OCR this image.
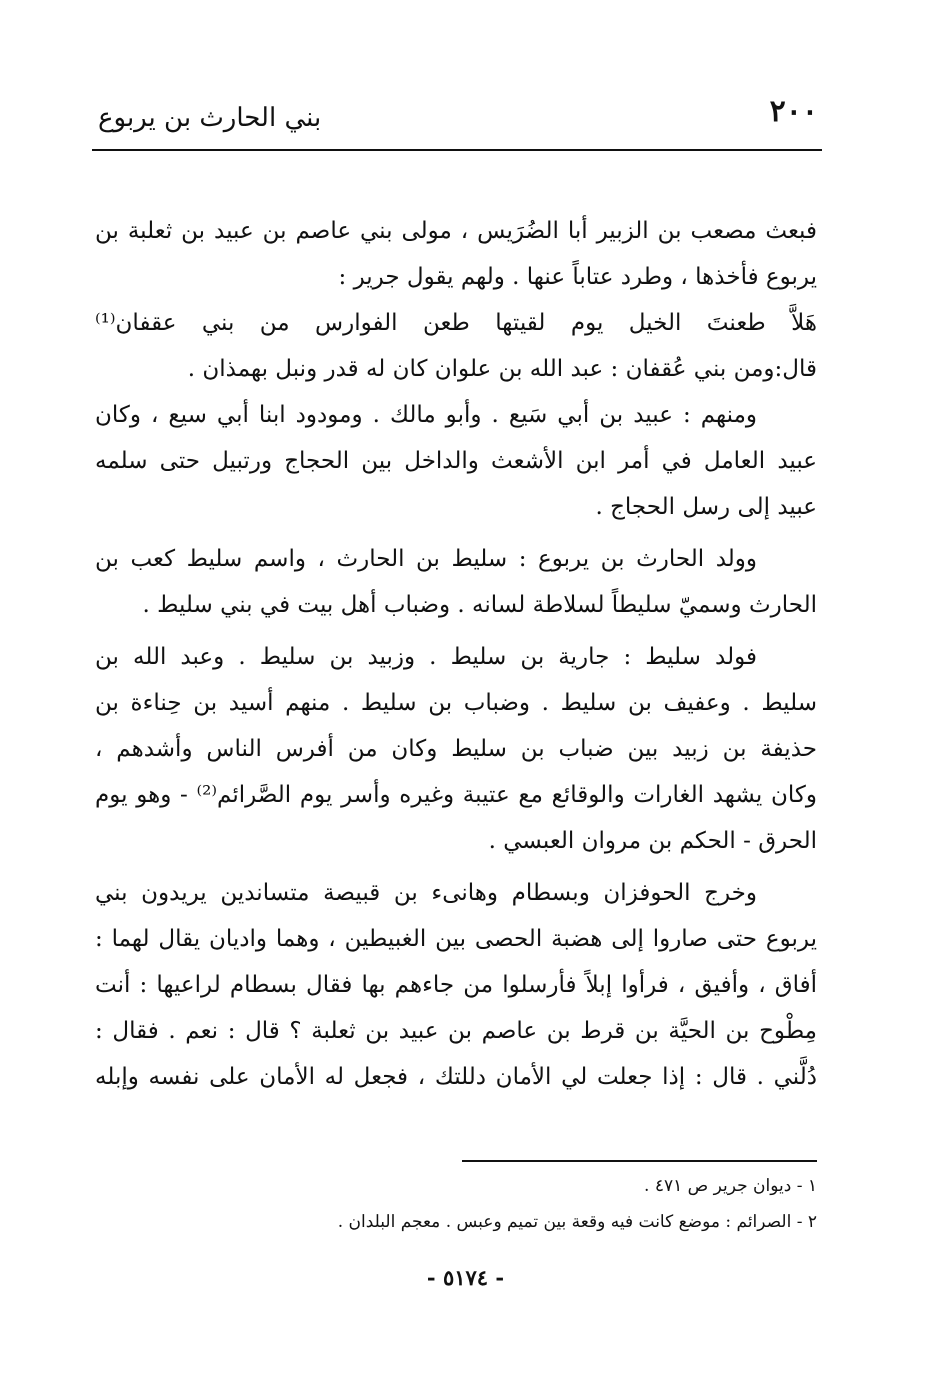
٢٠٠
بني الحارث بن يربوع
فبعث مصعب بن الزبير أبا الضُرَيس ، مولى بني عاصم بن عبيد بن ثعلبة بن
يربوع فأخذها ، وطرد عتاباً عنها . ولهم يقول جرير :
هَلاَّ طعنتَ الخيل يوم لقيتها طعن الفوارس من بني عقفان⁽¹⁾
قال:ومن بني عُقفان : عبد الله بن علوان كان له قدر ونبل بهمذان .
ومنهم : عبيد بن أبي سَيع . وأبو مالك . ومودود ابنا أبي سيع ، وكان
عبيد العامل في أمر ابن الأشعث والداخل بين الحجاج ورتبيل حتى سلمه
عبيد إلى رسل الحجاج .
وولد الحارث بن يربوع : سليط بن الحارث ، واسم سليط كعب بن
الحارث وسميّ سليطاً لسلاطة لسانه . وضباب أهل بيت في بني سليط .
فولد سليط : جارية بن سليط . وزبيد بن سليط . وعبد الله بن
سليط . وعفيف بن سليط . وضباب بن سليط . منهم أسيد بن حِناءة بن
حذيفة بن زبيد بين ضباب بن سليط وكان من أفرس الناس وأشدهم ،
وكان يشهد الغارات والوقائع مع عتيبة وغيره وأسر يوم الصَّرائم⁽²⁾ - وهو يوم
الحرق - الحكم بن مروان العبسي .
وخرج الحوفزان وبسطام وهانىء بن قبيصة متساندين يريدون بني
يربوع حتى صاروا إلى هضبة الحصى بين الغبيطين ، وهما واديان يقال لهما :
أفاق ، وأفيق ، فرأوا إبلاً فأرسلوا من جاءهم بها فقال بسطام لراعيها : أنت
مِطْوح بن الحيَّة بن قرط بن عاصم بن عبيد بن ثعلبة ؟ قال : نعم . فقال :
دُلَّني . قال : إذا جعلت لي الأمان دللتك ، فجعل له الأمان على نفسه وإبله
١ - ديوان جرير ص ٤٧١ .
٢ - الصرائم : موضع كانت فيه وقعة بين تميم وعبس . معجم البلدان .
- ٥١٧٤ -
